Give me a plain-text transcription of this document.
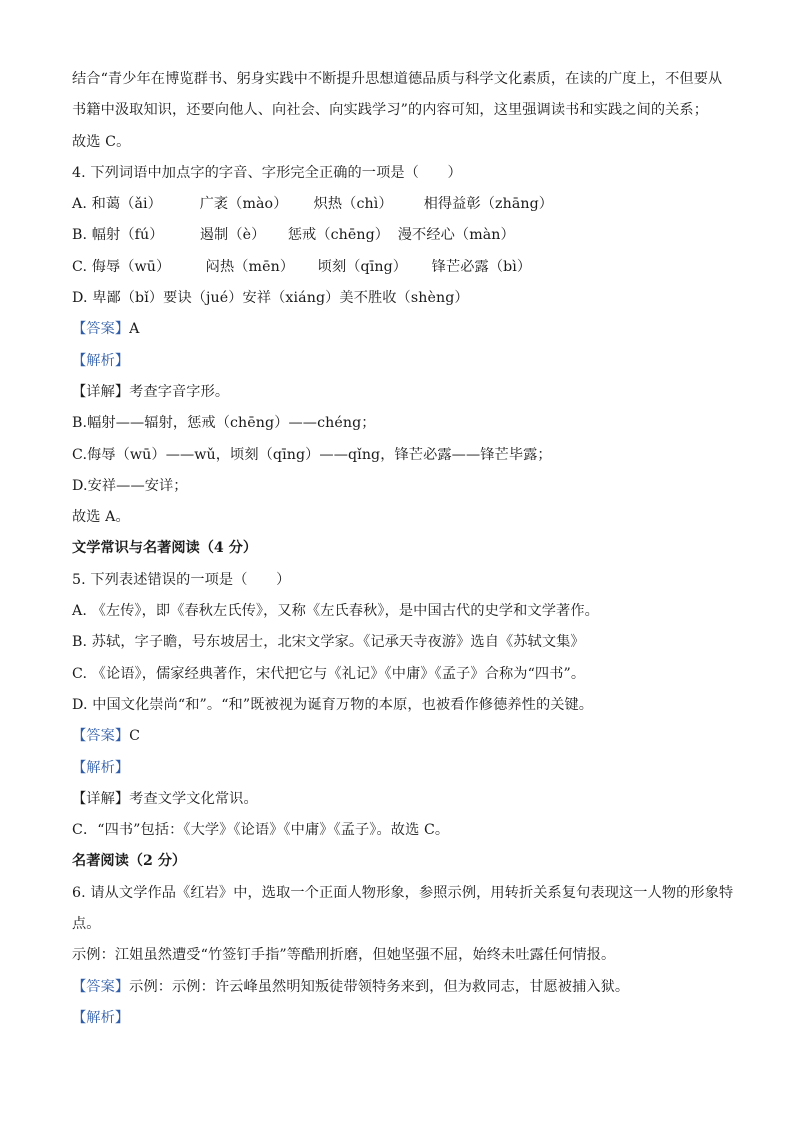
结合“青少年在博览群书、躬身实践中不断提升思想道德品质与科学文化素质，在读的广度上，不但要从
书籍中汲取知识，还要向他人、向社会、向实践学习”的内容可知，这里强调读书和实践之间的关系；
故选 C。
4. 下列词语中加点字的字音、字形完全正确的一项是（　　）
A. 和蔼（ǎi）	广袤（mào） 炽热（chì） 相得益彰（zhāng）
B. 幅射（fú）	遏制（è） 惩戒（chēng） 漫不经心（màn）
C. 侮辱（wū） 闷热（mēn） 顷刻（qīng） 锋芒必露（bì）
D. 卑鄙（bǐ）要诀（jué）安祥（xiáng）美不胜收（shèng）
【答案】A
【解析】
【详解】考查字音字形。
B.幅射——辐射，惩戒（chēng）——chéng；
C.侮辱（wū）——wǔ，顷刻（qīng）——qǐng，锋芒必露——锋芒毕露；
D.安祥——安详；
故选 A。
文学常识与名著阅读（4 分）
5. 下列表述错误的一项是（　　）
A. 《左传》，即《春秋左氏传》，又称《左氏春秋》，是中国古代的史学和文学著作。
B. 苏轼，字子瞻，号东坡居士，北宋文学家。《记承天寺夜游》选自《苏轼文集》
C. 《论语》，儒家经典著作，宋代把它与《礼记》《中庸》《孟子》合称为“四书”。
D. 中国文化崇尚“和”。“和”既被视为诞育万物的本原，也被看作修德养性的关键。
【答案】C
【解析】
【详解】考查文学文化常识。
C．“四书”包括：《大学》《论语》《中庸》《孟子》。故选 C。
名著阅读（2 分）
6. 请从文学作品《红岩》中，选取一个正面人物形象，参照示例，用转折关系复句表现这一人物的形象特
点。
示例：江姐虽然遭受“竹签钉手指”等酷刑折磨，但她坚强不屈，始终未吐露任何情报。
【答案】示例：示例：许云峰虽然明知叛徒带领特务来到，但为救同志，甘愿被捕入狱。
【解析】
